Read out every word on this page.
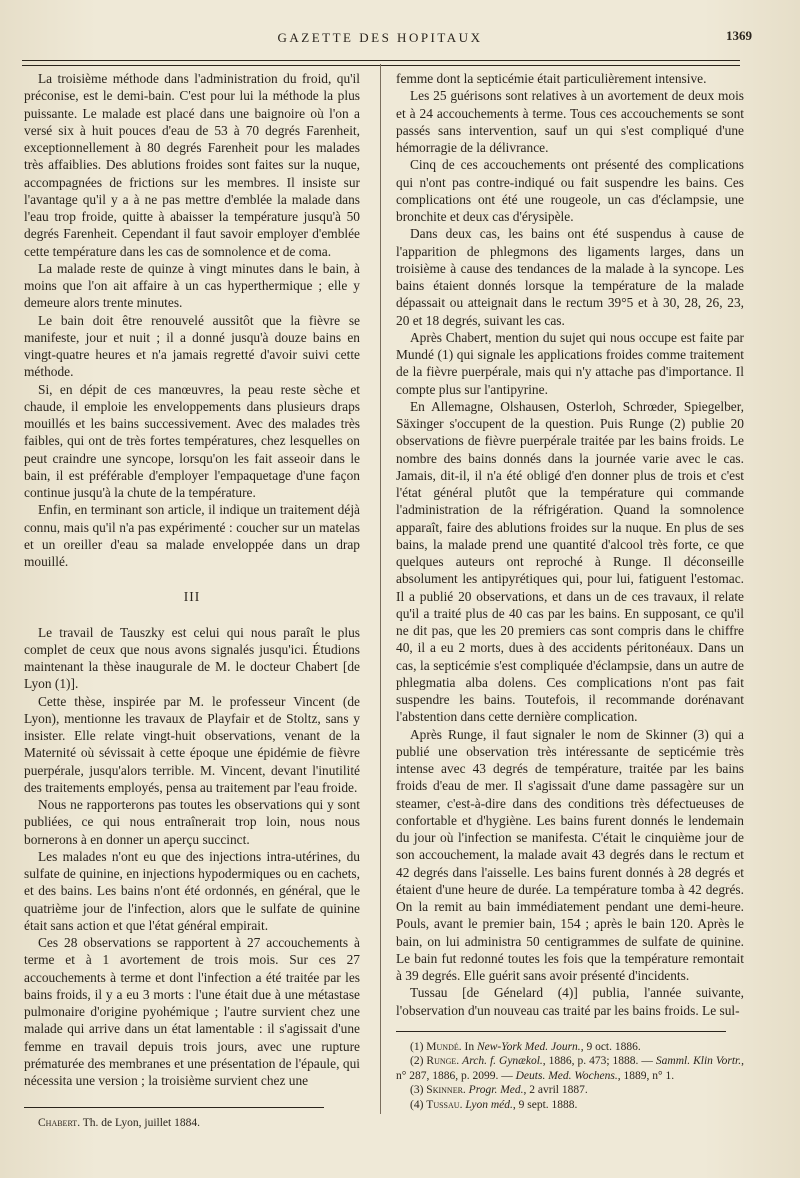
GAZETTE DES HOPITAUX	1369

La troisième méthode dans l'administration du froid, qu'il préconise, est le demi-bain. C'est pour lui la méthode la plus puissante. Le malade est placé dans une baignoire où l'on a versé six à huit pouces d'eau de 53 à 70 degrés Farenheit, exceptionnellement à 80 degrés Farenheit pour les malades très affaiblies. Des ablutions froides sont faites sur la nuque, accompagnées de frictions sur les membres. Il insiste sur l'avantage qu'il y a à ne pas mettre d'emblée la malade dans l'eau trop froide, quitte à abaisser la température jusqu'à 50 degrés Farenheit. Cependant il faut savoir employer d'emblée cette température dans les cas de somnolence et de coma.

La malade reste de quinze à vingt minutes dans le bain, à moins que l'on ait affaire à un cas hyperthermique ; elle y demeure alors trente minutes.

Le bain doit être renouvelé aussitôt que la fièvre se manifeste, jour et nuit ; il a donné jusqu'à douze bains en vingt-quatre heures et n'a jamais regretté d'avoir suivi cette méthode.

Si, en dépit de ces manœuvres, la peau reste sèche et chaude, il emploie les enveloppements dans plusieurs draps mouillés et les bains successivement. Avec des malades très faibles, qui ont de très fortes températures, chez lesquelles on peut craindre une syncope, lorsqu'on les fait asseoir dans le bain, il est préférable d'employer l'empaquetage d'une façon continue jusqu'à la chute de la température.

Enfin, en terminant son article, il indique un traitement déjà connu, mais qu'il n'a pas expérimenté : coucher sur un matelas et un oreiller d'eau sa malade enveloppée dans un drap mouillé.

III

Le travail de Tauszky est celui qui nous paraît le plus complet de ceux que nous avons signalés jusqu'ici. Étudions maintenant la thèse inaugurale de M. le docteur Chabert [de Lyon (1)].

Cette thèse, inspirée par M. le professeur Vincent (de Lyon), mentionne les travaux de Playfair et de Stoltz, sans y insister. Elle relate vingt-huit observations, venant de la Maternité où sévissait à cette époque une épidémie de fièvre puerpérale, jusqu'alors terrible. M. Vincent, devant l'inutilité des traitements employés, pensa au traitement par l'eau froide.

Nous ne rapporterons pas toutes les observations qui y sont publiées, ce qui nous entraînerait trop loin, nous nous bornerons à en donner un aperçu succinct.

Les malades n'ont eu que des injections intra-utérines, du sulfate de quinine, en injections hypodermiques ou en cachets, et des bains. Les bains n'ont été ordonnés, en général, que le quatrième jour de l'infection, alors que le sulfate de quinine était sans action et que l'état général empirait.

Ces 28 observations se rapportent à 27 accouchements à terme et à 1 avortement de trois mois. Sur ces 27 accouchements à terme et dont l'infection a été traitée par les bains froids, il y a eu 3 morts : l'une était due à une métastase pulmonaire d'origine pyohémique ; l'autre survient chez une malade qui arrive dans un état lamentable : il s'agissait d'une femme en travail depuis trois jours, avec une rupture prématurée des membranes et une présentation de l'épaule, qui nécessita une version ; la troisième survient chez une

Chabert. Th. de Lyon, juillet 1884.

femme dont la septicémie était particulièrement intensive.

Les 25 guérisons sont relatives à un avortement de deux mois et à 24 accouchements à terme. Tous ces accouchements se sont passés sans intervention, sauf un qui s'est compliqué d'une hémorragie de la délivrance.

Cinq de ces accouchements ont présenté des complications qui n'ont pas contre-indiqué ou fait suspendre les bains. Ces complications ont été une rougeole, un cas d'éclampsie, une bronchite et deux cas d'érysipèle.

Dans deux cas, les bains ont été suspendus à cause de l'apparition de phlegmons des ligaments larges, dans un troisième à cause des tendances de la malade à la syncope. Les bains étaient donnés lorsque la température de la malade dépassait ou atteignait dans le rectum 39°5 et à 30, 28, 26, 23, 20 et 18 degrés, suivant les cas.

Après Chabert, mention du sujet qui nous occupe est faite par Mundé (1) qui signale les applications froides comme traitement de la fièvre puerpérale, mais qui n'y attache pas d'importance. Il compte plus sur l'antipyrine.

En Allemagne, Olshausen, Osterloh, Schrœder, Spiegelber, Säxinger s'occupent de la question. Puis Runge (2) publie 20 observations de fièvre puerpérale traitée par les bains froids. Le nombre des bains donnés dans la journée varie avec le cas. Jamais, dit-il, il n'a été obligé d'en donner plus de trois et c'est l'état général plutôt que la température qui commande l'administration de la réfrigération. Quand la somnolence apparaît, faire des ablutions froides sur la nuque. En plus de ses bains, la malade prend une quantité d'alcool très forte, ce que quelques auteurs ont reproché à Runge. Il déconseille absolument les antipyrétiques qui, pour lui, fatiguent l'estomac. Il a publié 20 observations, et dans un de ces travaux, il relate qu'il a traité plus de 40 cas par les bains. En supposant, ce qu'il ne dit pas, que les 20 premiers cas sont compris dans le chiffre 40, il a eu 2 morts, dues à des accidents péritonéaux. Dans un cas, la septicémie s'est compliquée d'éclampsie, dans un autre de phlegmatia alba dolens. Ces complications n'ont pas fait suspendre les bains. Toutefois, il recommande dorénavant l'abstention dans cette dernière complication.

Après Runge, il faut signaler le nom de Skinner (3) qui a publié une observation très intéressante de septicémie très intense avec 43 degrés de température, traitée par les bains froids d'eau de mer. Il s'agissait d'une dame passagère sur un steamer, c'est-à-dire dans des conditions très défectueuses de confortable et d'hygiène. Les bains furent donnés le lendemain du jour où l'infection se manifesta. C'était le cinquième jour de son accouchement, la malade avait 43 degrés dans le rectum et 42 degrés dans l'aisselle. Les bains furent donnés à 28 degrés et étaient d'une heure de durée. La température tomba à 42 degrés. On la remit au bain immédiatement pendant une demi-heure. Pouls, avant le premier bain, 154 ; après le bain 120. Après le bain, on lui administra 50 centigrammes de sulfate de quinine. Le bain fut redonné toutes les fois que la température remontait à 39 degrés. Elle guérit sans avoir présenté d'incidents.

Tussau [de Génelard (4)] publia, l'année suivante, l'observation d'un nouveau cas traité par les bains froids. Le sul-

(1) Mundé. In New-York Med. Journ., 9 oct. 1886.

(2) Runge. Arch. f. Gynækol., 1886, p. 473; 1888. — Samml. Klin Vortr., n° 287, 1886, p. 2099. — Deuts. Med. Wochens., 1889, n° 1.

(3) Skinner. Progr. Med., 2 avril 1887.

(4) Tussau. Lyon méd., 9 sept. 1888.
